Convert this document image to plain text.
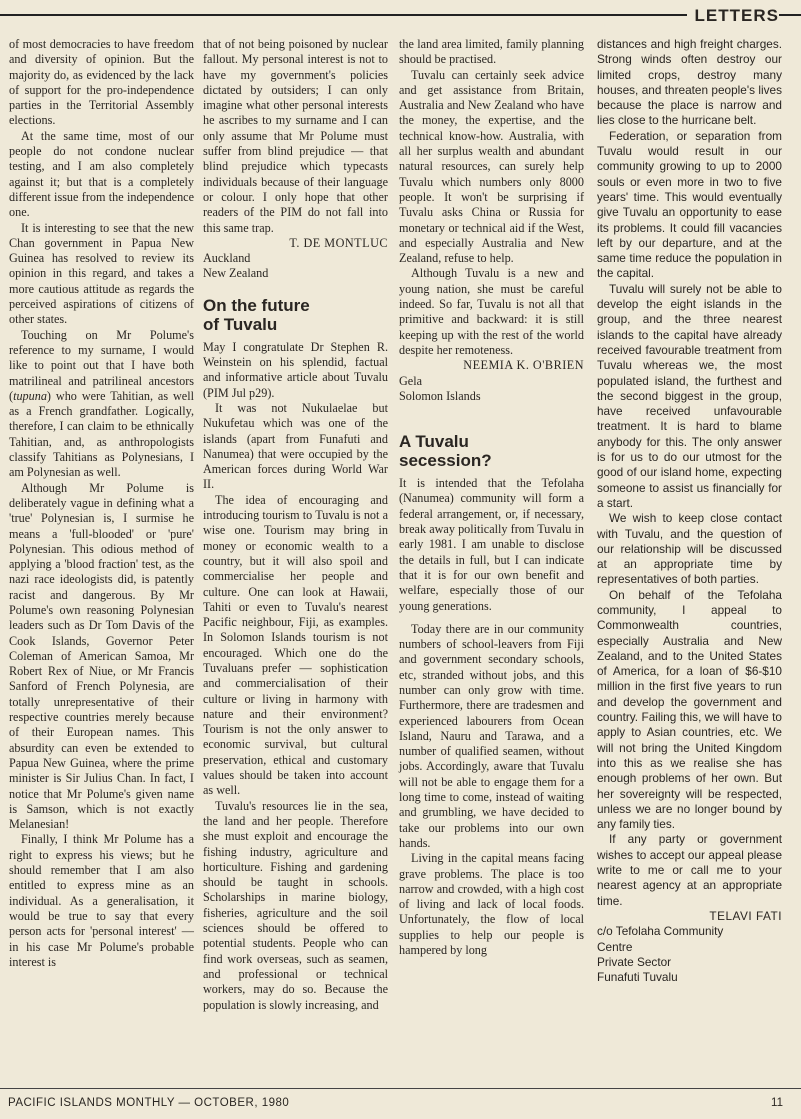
LETTERS

of most democracies to have freedom and diversity of opinion. But the majority do, as evidenced by the lack of support for the pro-independence parties in the Territorial Assembly elections.

At the same time, most of our people do not condone nuclear testing, and I am also completely against it; but that is a completely different issue from the independence one.

It is interesting to see that the new Chan government in Papua New Guinea has resolved to review its opinion in this regard, and takes a more cautious attitude as regards the perceived aspirations of citizens of other states.

Touching on Mr Polume's reference to my surname, I would like to point out that I have both matrilineal and patrilineal ancestors (tupuna) who were Tahitian, as well as a French grandfather. Logically, therefore, I can claim to be ethnically Tahitian, and, as anthropologists classify Tahitians as Polynesians, I am Polynesian as well.

Although Mr Polume is deliberately vague in defining what a 'true' Polynesian is, I surmise he means a 'full-blooded' or 'pure' Polynesian. This odious method of applying a 'blood fraction' test, as the nazi race ideologists did, is patently racist and dangerous. By Mr Polume's own reasoning Polynesian leaders such as Dr Tom Davis of the Cook Islands, Governor Peter Coleman of American Samoa, Mr Robert Rex of Niue, or Mr Francis Sanford of French Polynesia, are totally unrepresentative of their respective countries merely because of their European names. This absurdity can even be extended to Papua New Guinea, where the prime minister is Sir Julius Chan. In fact, I notice that Mr Polume's given name is Samson, which is not exactly Melanesian!

Finally, I think Mr Polume has a right to express his views; but he should remember that I am also entitled to express mine as an individual. As a generalisation, it would be true to say that every person acts for 'personal interest' — in his case Mr Polume's probable interest is

that of not being poisoned by nuclear fallout. My personal interest is not to have my government's policies dictated by outsiders; I can only imagine what other personal interests he ascribes to my surname and I can only assume that Mr Polume must suffer from blind prejudice — that blind prejudice which typecasts individuals because of their language or colour. I only hope that other readers of the PIM do not fall into this same trap.

T. DE MONTLUC

Auckland

New Zealand

On the future
of Tuvalu

May I congratulate Dr Stephen R. Weinstein on his splendid, factual and informative article about Tuvalu (PIM Jul p29).

It was not Nukulaelae but Nukufetau which was one of the islands (apart from Funafuti and Nanumea) that were occupied by the American forces during World War II.

The idea of encouraging and introducing tourism to Tuvalu is not a wise one. Tourism may bring in money or economic wealth to a country, but it will also spoil and commercialise her people and culture. One can look at Hawaii, Tahiti or even to Tuvalu's nearest Pacific neighbour, Fiji, as examples. In Solomon Islands tourism is not encouraged. Which one do the Tuvaluans prefer — sophistication and commercialisation of their culture or living in harmony with nature and their environment? Tourism is not the only answer to economic survival, but cultural preservation, ethical and customary values should be taken into account as well.

Tuvalu's resources lie in the sea, the land and her people. Therefore she must exploit and encourage the fishing industry, agriculture and horticulture. Fishing and gardening should be taught in schools. Scholarships in marine biology, fisheries, agriculture and the soil sciences should be offered to potential students. People who can find work overseas, such as seamen, and professional or technical workers, may do so. Because the population is slowly increasing, and

the land area limited, family planning should be practised.

Tuvalu can certainly seek advice and get assistance from Britain, Australia and New Zealand who have the money, the expertise, and the technical know-how. Australia, with all her surplus wealth and abundant natural resources, can surely help Tuvalu which numbers only 8000 people. It won't be surprising if Tuvalu asks China or Russia for monetary or technical aid if the West, and especially Australia and New Zealand, refuse to help.

Although Tuvalu is a new and young nation, she must be careful indeed. So far, Tuvalu is not all that primitive and backward: it is still keeping up with the rest of the world despite her remoteness.

NEEMIA K. O'BRIEN

Gela

Solomon Islands

A Tuvalu
secession?

It is intended that the Tefolaha (Nanumea) community will form a federal arrangement, or, if necessary, break away politically from Tuvalu in early 1981. I am unable to disclose the details in full, but I can indicate that it is for our own benefit and welfare, especially those of our young generations.

Today there are in our community numbers of school-leavers from Fiji and government secondary schools, etc, stranded without jobs, and this number can only grow with time. Furthermore, there are tradesmen and experienced labourers from Ocean Island, Nauru and Tarawa, and a number of qualified seamen, without jobs. Accordingly, aware that Tuvalu will not be able to engage them for a long time to come, instead of waiting and grumbling, we have decided to take our problems into our own hands.

Living in the capital means facing grave problems. The place is too narrow and crowded, with a high cost of living and lack of local foods. Unfortunately, the flow of local supplies to help our people is hampered by long

distances and high freight charges. Strong winds often destroy our limited crops, destroy many houses, and threaten people's lives because the place is narrow and lies close to the hurricane belt.

Federation, or separation from Tuvalu would result in our community growing to up to 2000 souls or even more in two to five years' time. This would eventually give Tuvalu an opportunity to ease its problems. It could fill vacancies left by our departure, and at the same time reduce the population in the capital.

Tuvalu will surely not be able to develop the eight islands in the group, and the three nearest islands to the capital have already received favourable treatment from Tuvalu whereas we, the most populated island, the furthest and the second biggest in the group, have received unfavourable treatment. It is hard to blame anybody for this. The only answer is for us to do our utmost for the good of our island home, expecting someone to assist us financially for a start.

We wish to keep close contact with Tuvalu, and the question of our relationship will be discussed at an appropriate time by representatives of both parties.

On behalf of the Tefolaha community, I appeal to Commonwealth countries, especially Australia and New Zealand, and to the United States of America, for a loan of $6-$10 million in the first five years to run and develop the government and country. Failing this, we will have to apply to Asian countries, etc. We will not bring the United Kingdom into this as we realise she has enough problems of her own. But her sovereignty will be respected, unless we are no longer bound by any family ties.

If any party or government wishes to accept our appeal please write to me or call me to your nearest agency at an appropriate time.

TELAVI FATI

c/o Tefolaha Community

Centre

Private Sector

Funafuti Tuvalu

PACIFIC ISLANDS MONTHLY — OCTOBER, 1980	11
